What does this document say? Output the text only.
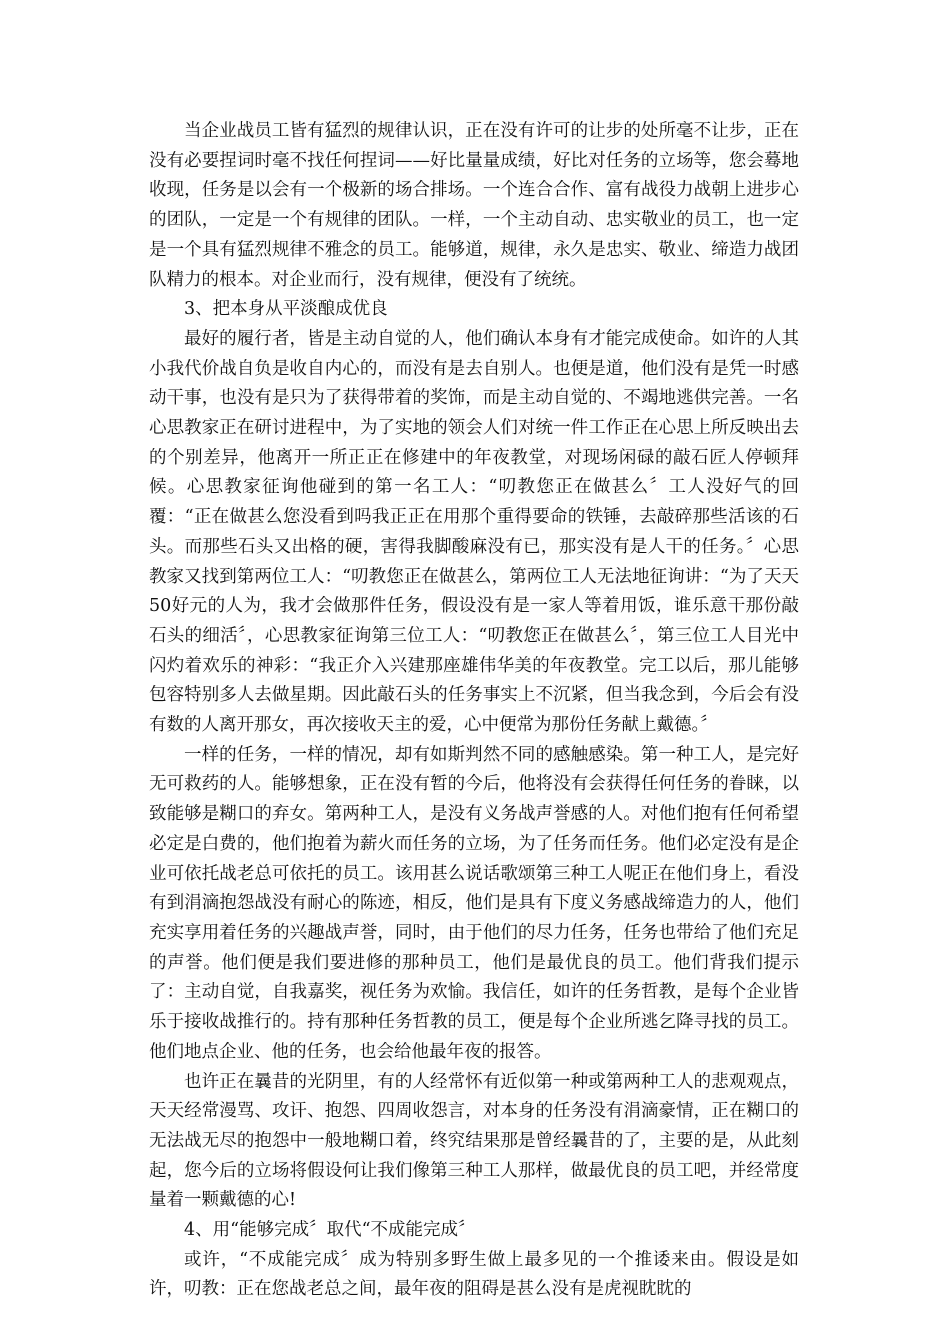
当企业战员工皆有猛烈的规律认识，正在没有许可的让步的处所毫不让步，正在没有必要捏词时毫不找任何捏词——好比量量成绩，好比对任务的立场等，您会蓦地收现，任务是以会有一个极新的场合排场。一个连合合作、富有战役力战朝上进步心的团队，一定是一个有规律的团队。一样，一个主动自动、忠实敬业的员工，也一定是一个具有猛烈规律不雅念的员工。能够道，规律，永久是忠实、敬业、缔造力战团队精力的根本。对企业而行，没有规律，便没有了统统。

3、把本身从平淡酿成优良

最好的履行者，皆是主动自觉的人，他们确认本身有才能完成使命。如许的人其小我代价战自负是收自内心的，而没有是去自别人。也便是道，他们没有是凭一时感动干事，也没有是只为了获得带着的奖饰，而是主动自觉的、不竭地逃供完善。一名心思教家正在研讨进程中，为了实地的领会人们对统一件工作正在心思上所反映出去的个别差异，他离开一所正正在修建中的年夜教堂，对现场闲碌的敲石匠人停顿拜候。心思教家征询他碰到的第一名工人：“叨教您正在做甚么〞工人没好气的回覆：“正在做甚么您没看到吗我正正在用那个重得要命的铁锤，去敲碎那些活该的石头。而那些石头又出格的硬，害得我脚酸麻没有已，那实没有是人干的任务。〞心思教家又找到第两位工人：“叨教您正在做甚么，第两位工人无法地征询讲：“为了天天50好元的人为，我才会做那件任务，假设没有是一家人等着用饭，谁乐意干那份敲石头的细活〞，心思教家征询第三位工人：“叨教您正在做甚么〞，第三位工人目光中闪灼着欢乐的神彩：“我正介入兴建那座雄伟华美的年夜教堂。完工以后，那儿能够包容特别多人去做星期。因此敲石头的任务事实上不沉紧，但当我念到，今后会有没有数的人离开那女，再次接收天主的爱，心中便常为那份任务献上戴德。〞

一样的任务，一样的情况，却有如斯判然不同的感触感染。第一种工人，是完好无可救药的人。能够想象，正在没有暂的今后，他将没有会获得任何任务的眷睐，以致能够是糊口的弃女。第两种工人，是没有义务战声誉感的人。对他们抱有任何希望必定是白费的，他们抱着为薪火而任务的立场，为了任务而任务。他们必定没有是企业可依托战老总可依托的员工。该用甚么说话歌颂第三种工人呢正在他们身上，看没有到涓滴抱怨战没有耐心的陈迹，相反，他们是具有下度义务感战缔造力的人，他们充实享用着任务的兴趣战声誉，同时，由于他们的尽力任务，任务也带给了他们充足的声誉。他们便是我们要进修的那种员工，他们是最优良的员工。他们背我们提示了：主动自觉，自我嘉奖，视任务为欢愉。我信任，如许的任务哲教，是每个企业皆乐于接收战推行的。持有那种任务哲教的员工，便是每个企业所逃乞降寻找的员工。他们地点企业、他的任务，也会给他最年夜的报答。

也许正在曩昔的光阴里，有的人经常怀有近似第一种或第两种工人的悲观观点，天天经常漫骂、攻讦、抱怨、四周收怨言，对本身的任务没有涓滴豪情，正在糊口的无法战无尽的抱怨中一般地糊口着，终究结果那是曾经曩昔的了，主要的是，从此刻起，您今后的立场将假设何让我们像第三种工人那样，做最优良的员工吧，并经常度量着一颗戴德的心!

4、用“能够完成〞取代“不成能完成〞

或许，“不成能完成〞成为特别多野生做上最多见的一个推诿来由。假设是如许，叨教：正在您战老总之间，最年夜的阻碍是甚么没有是虎视眈眈的
